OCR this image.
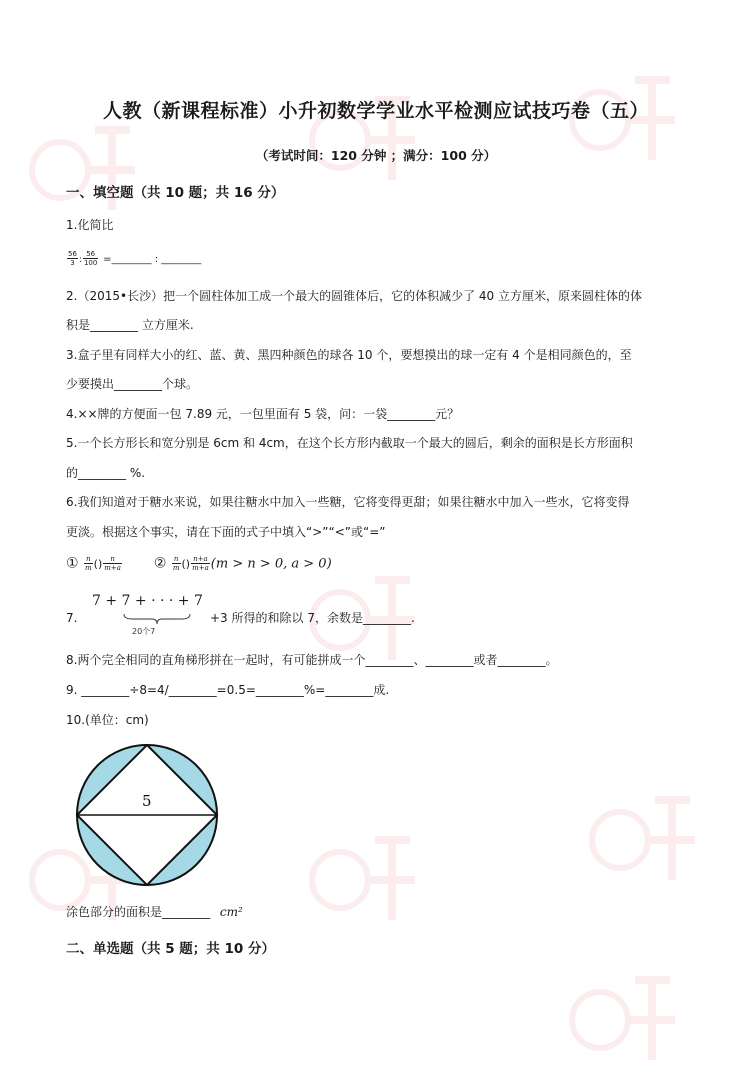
人教（新课程标准）小升初数学学业水平检测应试技巧卷（五）
（考试时间：120 分钟 ；满分：100 分）
一、填空题（共 10 题；共 16 分）
1.化简比
$\frac{56}{3}$ : $\frac{56}{100}$ =________ : ________
2.（2015•长沙）把一个圆柱体加工成一个最大的圆锥体后，它的体积减少了 40 立方厘米，原来圆柱体的体
积是________ 立方厘米.
3.盒子里有同样大小的红、蓝、黄、黑四种颜色的球各 10 个，要想摸出的球一定有 4 个是相同颜色的，至
少要摸出________个球。
4.××牌的方便面一包 7.89 元，一包里面有 5 袋，问：一袋________元？
5.一个长方形长和宽分别是 6cm 和 4cm，在这个长方形内截取一个最大的圆后，剩余的面积是长方形面积
的________ %.
6.我们知道对于糖水来说，如果往糖水中加入一些糖，它将变得更甜；如果往糖水中加入一些水，它将变得
更淡。根据这个事实，请在下面的式子中填入“>”“<”或“=”
① $\frac{n}{m}$ () $\frac{n}{m+a}$ ② $\frac{n}{m}$ () $\frac{n+a}{m+a} (m > n > 0$, a > 0)
7.
7 + 7 + · · · + 7
20个7
+3 所得的和除以 7，余数是________.
8.两个完全相同的直角梯形拼在一起时，有可能拼成一个________、________或者________。
9. ________÷8=4/________=0.5=________%=________成.
10.(单位：cm)
5
涂色部分的面积是________ cm²
二、单选题（共 5 题；共 10 分）
